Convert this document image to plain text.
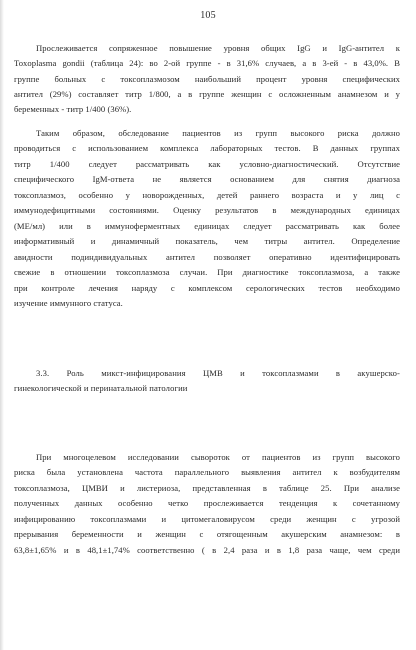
105
Прослеживается сопряженное повышение уровня общих IgG и IgG-антител к
Toxoplasma gondii (таблица 24): во 2-ой группе - в 31,6% случаев, а в 3-ей - в 43,0%. В
группе больных с токсоплазмозом наибольший процент уровня специфических
антител (29%) составляет титр 1/800, а в группе женщин с осложненным анамнезом и у
беременных - титр 1/400 (36%).
Таким образом, обследование пациентов из групп высокого риска должно
проводиться с использованием комплекса лабораторных тестов. В данных группах
титр 1/400 следует рассматривать как условно-диагностический. Отсутствие
специфического IgM-ответа не является основанием для снятия диагноза
токсоплазмоз, особенно у новорожденных, детей раннего возраста и у лиц с
иммунодефицитными состояниями. Оценку результатов в международных единицах
(МЕ/мл) или в иммуноферментных единицах следует рассматривать как более
информативный и динамичный показатель, чем титры антител. Определение
авидности подиндивидуальных антител позволяет оперативно идентифицировать
свежие в отношении токсоплазмоза случаи. При диагностике токсоплазмоза, а также
при контроле лечения наряду с комплексом серологических тестов необходимо
изучение иммунного статуса.
3.3. Роль микст-инфицирования ЦМВ и токсоплазмами в акушерско-
гинекологической и перинатальной патологии
При многоцелевом исследовании сывороток от пациентов из групп высокого
риска была установлена частота параллельного выявления антител к возбудителям
токсоплазмоза, ЦМВИ и листериоза, представленная в таблице 25. При анализе
полученных данных особенно четко прослеживается тенденция к сочетанному
инфицированию токсоплазмами и цитомегаловирусом среди женщин с угрозой
прерывания беременности и женщин с отягощенным акушерским анамнезом: в
63,8±1,65% и в 48,1±1,74% соответственно ( в 2,4 раза и в 1,8 раза чаще, чем среди
